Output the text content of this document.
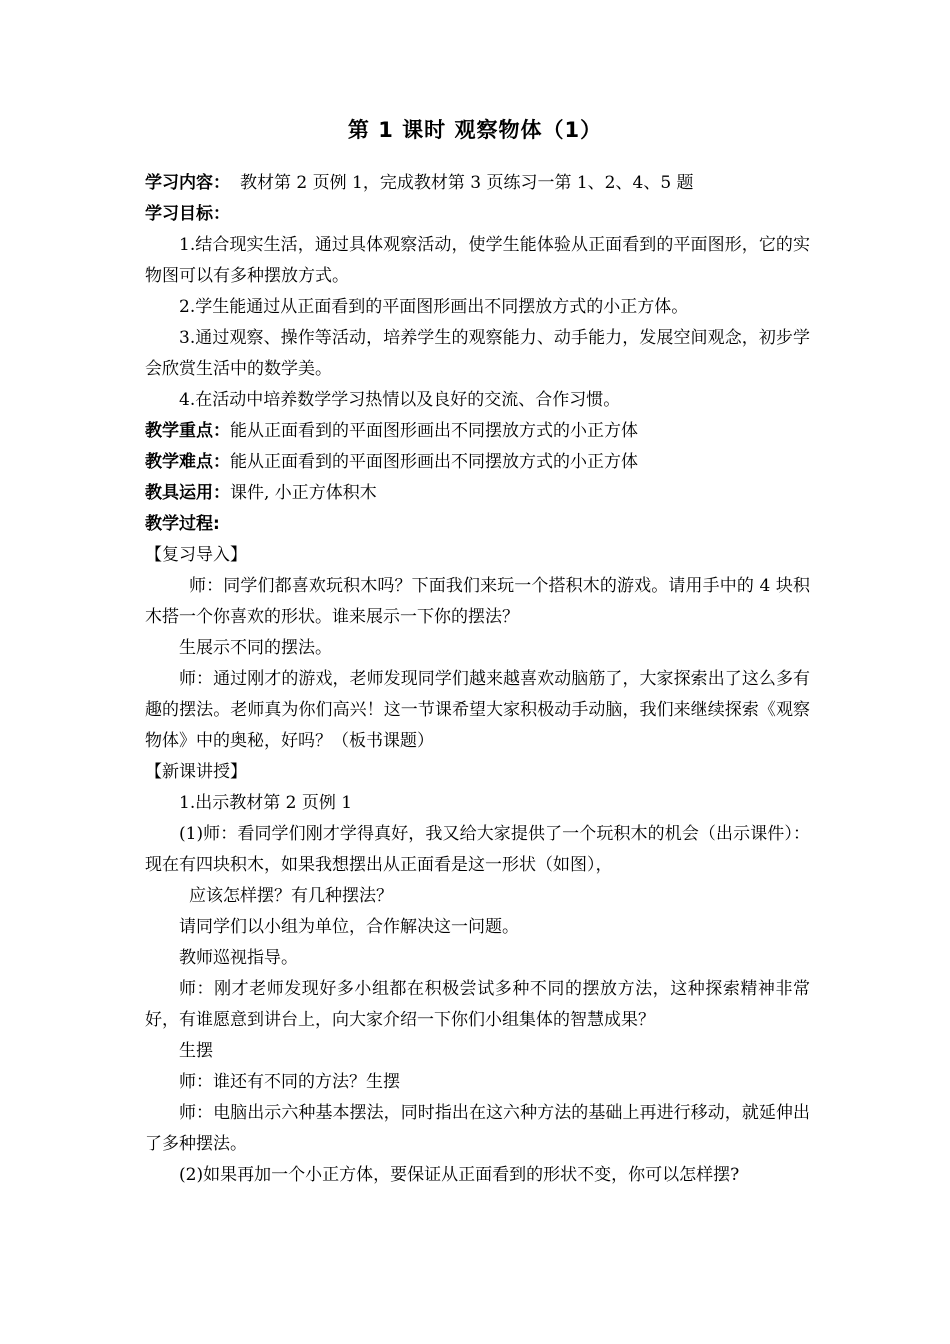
第 1 课时 观察物体（1）

学习内容： 教材第 2 页例 1，完成教材第 3 页练习一第 1、2、4、5 题

学习目标：

1.结合现实生活，通过具体观察活动，使学生能体验从正面看到的平面图形，它的实物图可以有多种摆放方式。

2.学生能通过从正面看到的平面图形画出不同摆放方式的小正方体。

3.通过观察、操作等活动，培养学生的观察能力、动手能力，发展空间观念，初步学会欣赏生活中的数学美。

4.在活动中培养数学学习热情以及良好的交流、合作习惯。

教学重点：能从正面看到的平面图形画出不同摆放方式的小正方体

教学难点：能从正面看到的平面图形画出不同摆放方式的小正方体

教具运用：课件, 小正方体积木

教学过程:

【复习导入】

师：同学们都喜欢玩积木吗？下面我们来玩一个搭积木的游戏。请用手中的 4 块积木搭一个你喜欢的形状。谁来展示一下你的摆法？

生展示不同的摆法。

师：通过刚才的游戏，老师发现同学们越来越喜欢动脑筋了，大家探索出了这么多有趣的摆法。老师真为你们高兴！这一节课希望大家积极动手动脑，我们来继续探索《观察物体》中的奥秘，好吗？（板书课题）

【新课讲授】

1.出示教材第 2 页例 1

(1)师：看同学们刚才学得真好，我又给大家提供了一个玩积木的机会（出示课件）：现在有四块积木，如果我想摆出从正面看是这一形状（如图），

应该怎样摆？有几种摆法？

请同学们以小组为单位，合作解决这一问题。

教师巡视指导。

师：刚才老师发现好多小组都在积极尝试多种不同的摆放方法，这种探索精神非常好，有谁愿意到讲台上，向大家介绍一下你们小组集体的智慧成果？

生摆

师：谁还有不同的方法？生摆

师：电脑出示六种基本摆法，同时指出在这六种方法的基础上再进行移动，就延伸出了多种摆法。

(2)如果再加一个小正方体，要保证从正面看到的形状不变，你可以怎样摆?
